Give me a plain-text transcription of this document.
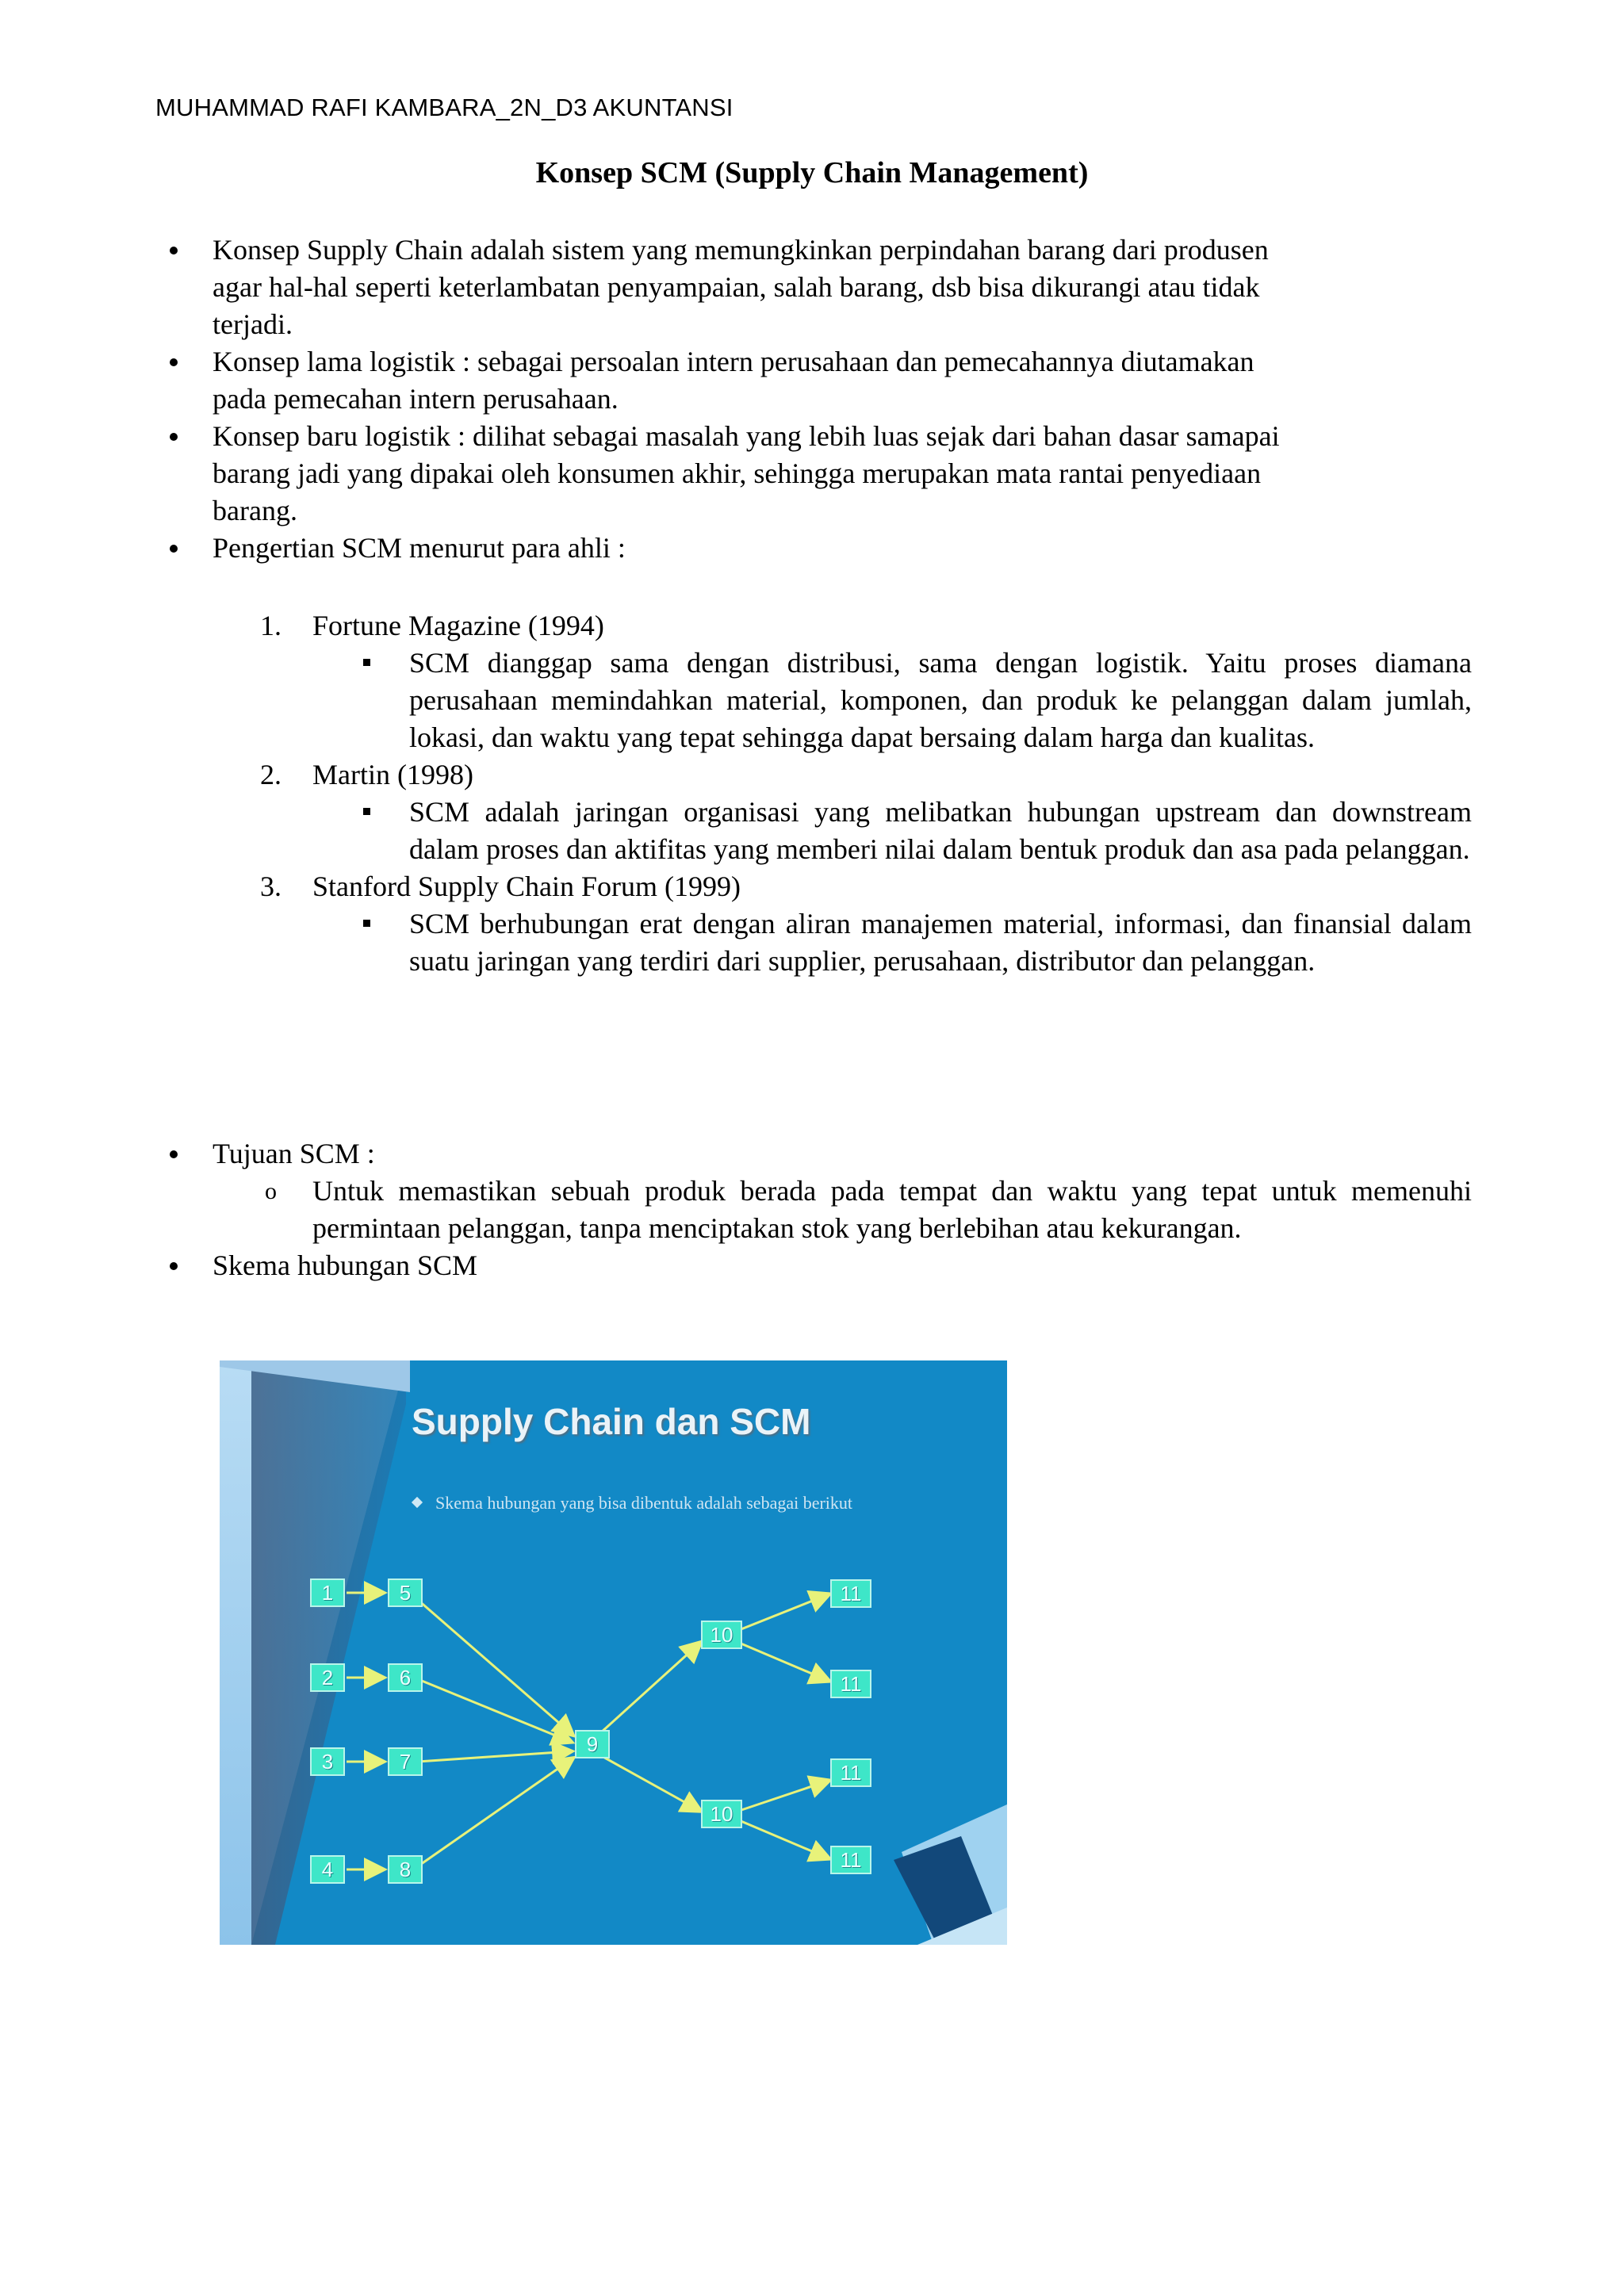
MUHAMMAD RAFI KAMBARA_2N_D3 AKUNTANSI
Konsep SCM (Supply Chain Management)
Konsep Supply Chain adalah sistem yang memungkinkan perpindahan barang dari produsen
agar hal-hal seperti keterlambatan penyampaian, salah barang, dsb bisa dikurangi atau tidak
terjadi.
Konsep lama logistik : sebagai persoalan intern perusahaan dan pemecahannya diutamakan
pada pemecahan intern perusahaan.
Konsep baru logistik : dilihat sebagai masalah yang lebih luas sejak dari bahan dasar samapai
barang jadi yang dipakai oleh konsumen akhir, sehingga merupakan mata rantai penyediaan
barang.
Pengertian SCM menurut para ahli :
1. Fortune Magazine (1994)
SCM dianggap sama dengan distribusi, sama dengan logistik. Yaitu proses diamana perusahaan memindahkan material, komponen, dan produk ke pelanggan dalam jumlah, lokasi, dan waktu yang tepat sehingga dapat bersaing dalam harga dan kualitas.
2. Martin (1998)
SCM adalah jaringan organisasi yang melibatkan hubungan upstream dan downstream dalam proses dan aktifitas yang memberi nilai dalam bentuk produk dan asa pada pelanggan.
3. Stanford Supply Chain Forum (1999)
SCM berhubungan erat dengan aliran manajemen material, informasi, dan finansial dalam suatu jaringan yang terdiri dari supplier, perusahaan, distributor dan pelanggan.
Tujuan SCM :
o Untuk memastikan sebuah produk berada pada tempat dan waktu yang tepat untuk memenuhi permintaan pelanggan, tanpa menciptakan stok yang berlebihan atau kekurangan.
Skema hubungan SCM
Supply Chain dan SCM
Skema hubungan yang bisa dibentuk adalah sebagai berikut
1
2
3
4
5
6
7
8
9
10
10
11
11
11
11
